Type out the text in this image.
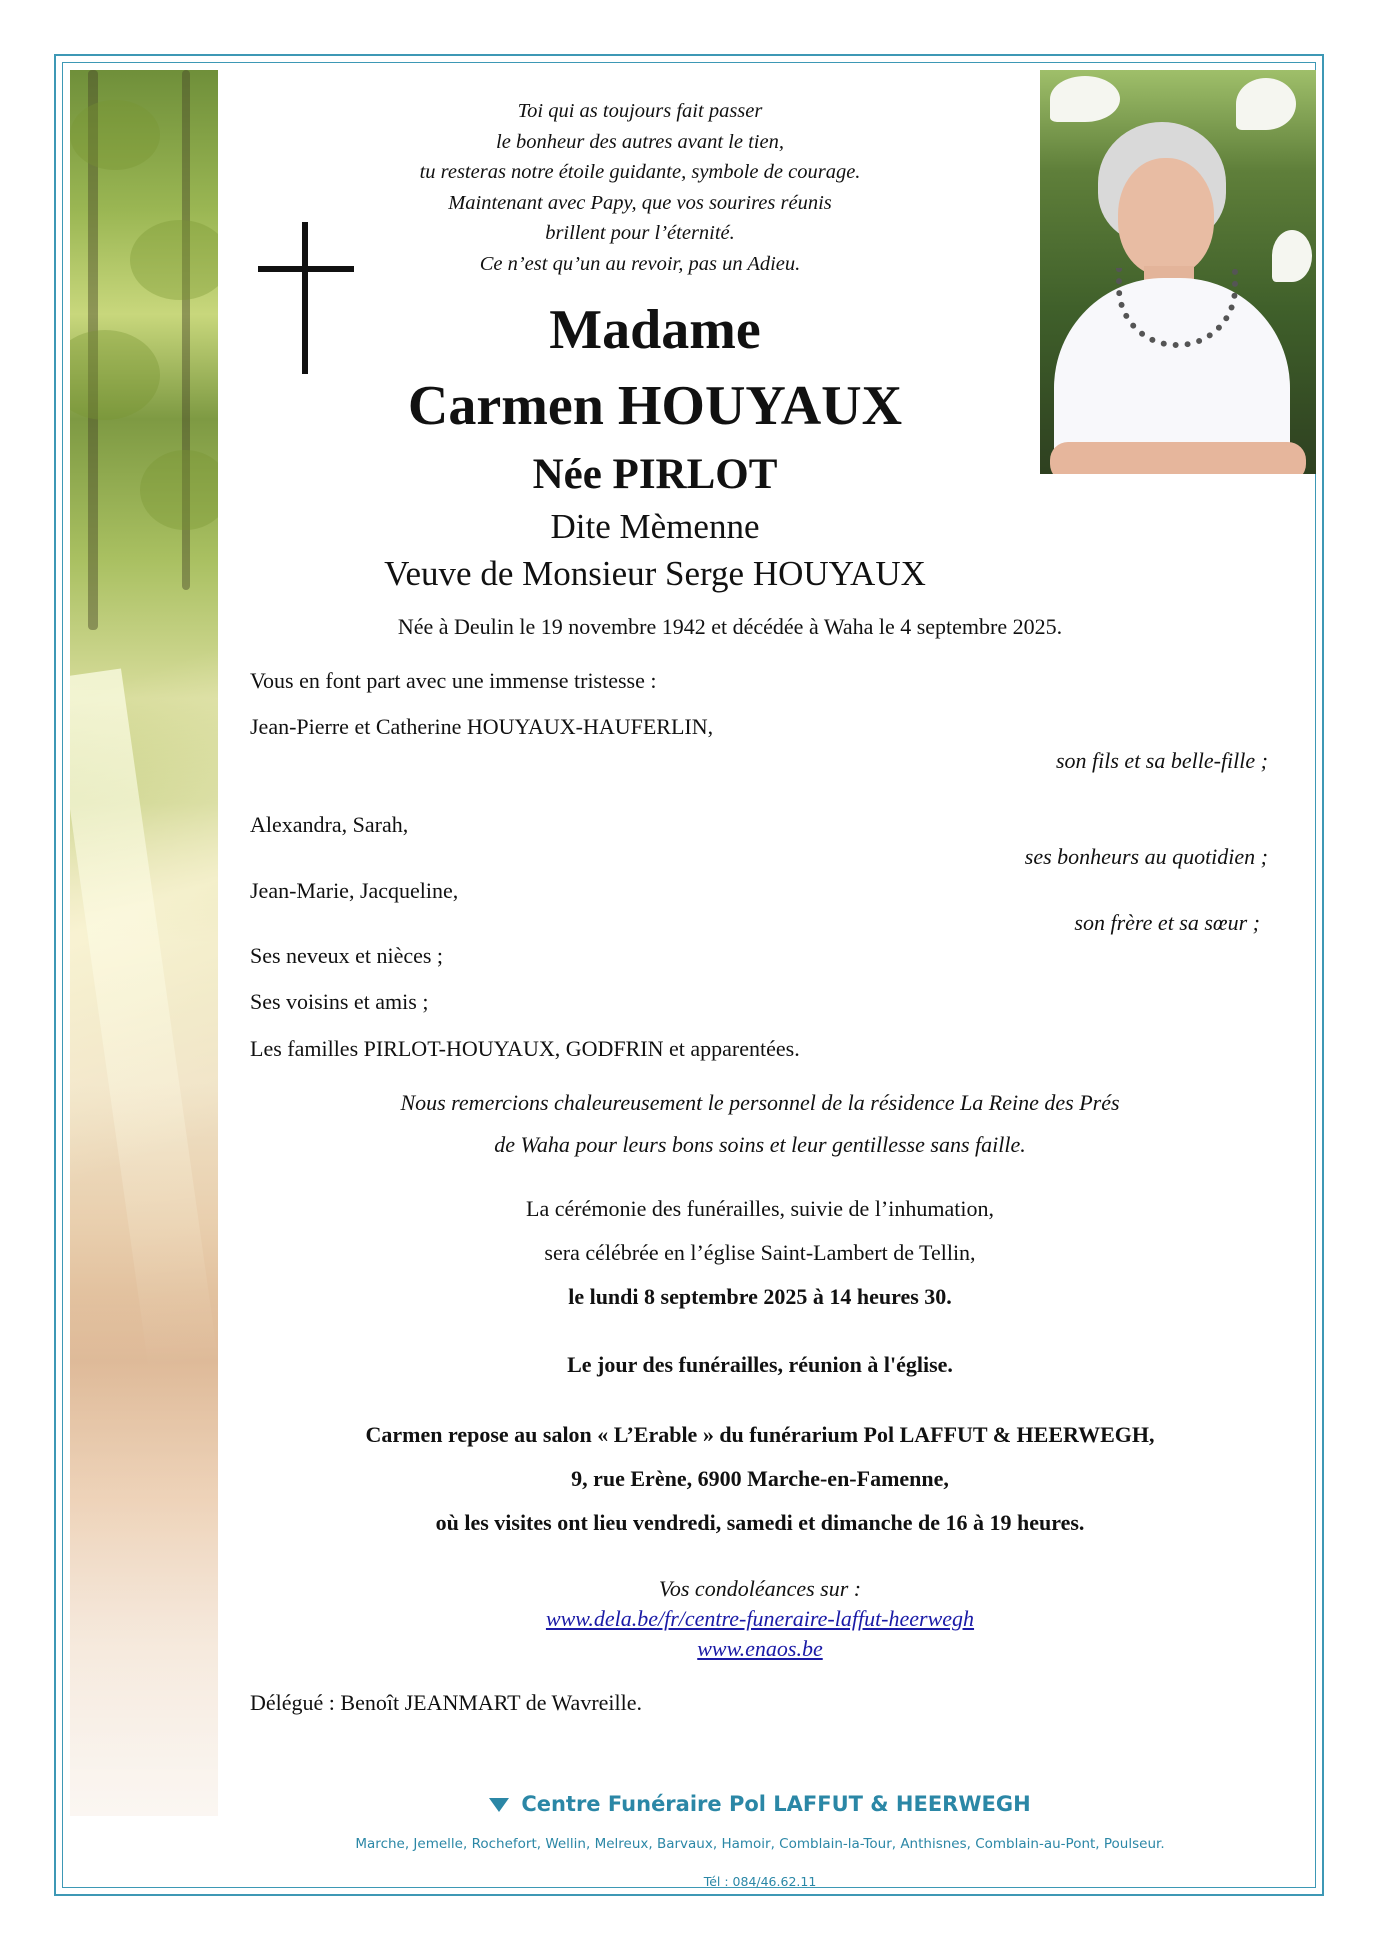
Toi qui as toujours fait passer
le bonheur des autres avant le tien,
tu resteras notre étoile guidante, symbole de courage.
Maintenant avec Papy, que vos sourires réunis
brillent pour l’éternité.
Ce n’est qu’un au revoir, pas un Adieu.
Madame
Carmen HOUYAUX
Née PIRLOT
Dite Mèmenne
Veuve de Monsieur Serge HOUYAUX
Née à Deulin le 19 novembre 1942 et décédée à Waha le 4 septembre 2025.
Vous en font part avec une immense tristesse :
Jean-Pierre et Catherine HOUYAUX-HAUFERLIN,
son fils et sa belle-fille ;
Alexandra, Sarah,
ses bonheurs au quotidien ;
Jean-Marie, Jacqueline,
son frère et sa sœur ;
Ses neveux et nièces ;
Ses voisins et amis ;
Les familles PIRLOT-HOUYAUX, GODFRIN et apparentées.
Nous remercions chaleureusement le personnel de la résidence La Reine des Prés
de Waha pour leurs bons soins et leur gentillesse sans faille.
La cérémonie des funérailles, suivie de l’inhumation,
sera célébrée en l’église Saint-Lambert de Tellin,
le lundi 8 septembre 2025 à 14 heures 30.
Le jour des funérailles, réunion à l'église.
Carmen repose au salon « L’Erable » du funérarium Pol LAFFUT & HEERWEGH,
9, rue Erène, 6900 Marche-en-Famenne,
où les visites ont lieu vendredi, samedi et dimanche de 16 à 19 heures.
Vos condoléances sur :
www.dela.be/fr/centre-funeraire-laffut-heerwegh
www.enaos.be
Délégué : Benoît JEANMART de Wavreille.
Centre Funéraire Pol LAFFUT & HEERWEGH
Marche, Jemelle, Rochefort, Wellin, Melreux, Barvaux, Hamoir, Comblain-la-Tour, Anthisnes, Comblain-au-Pont, Poulseur.
Tél : 084/46.62.11
